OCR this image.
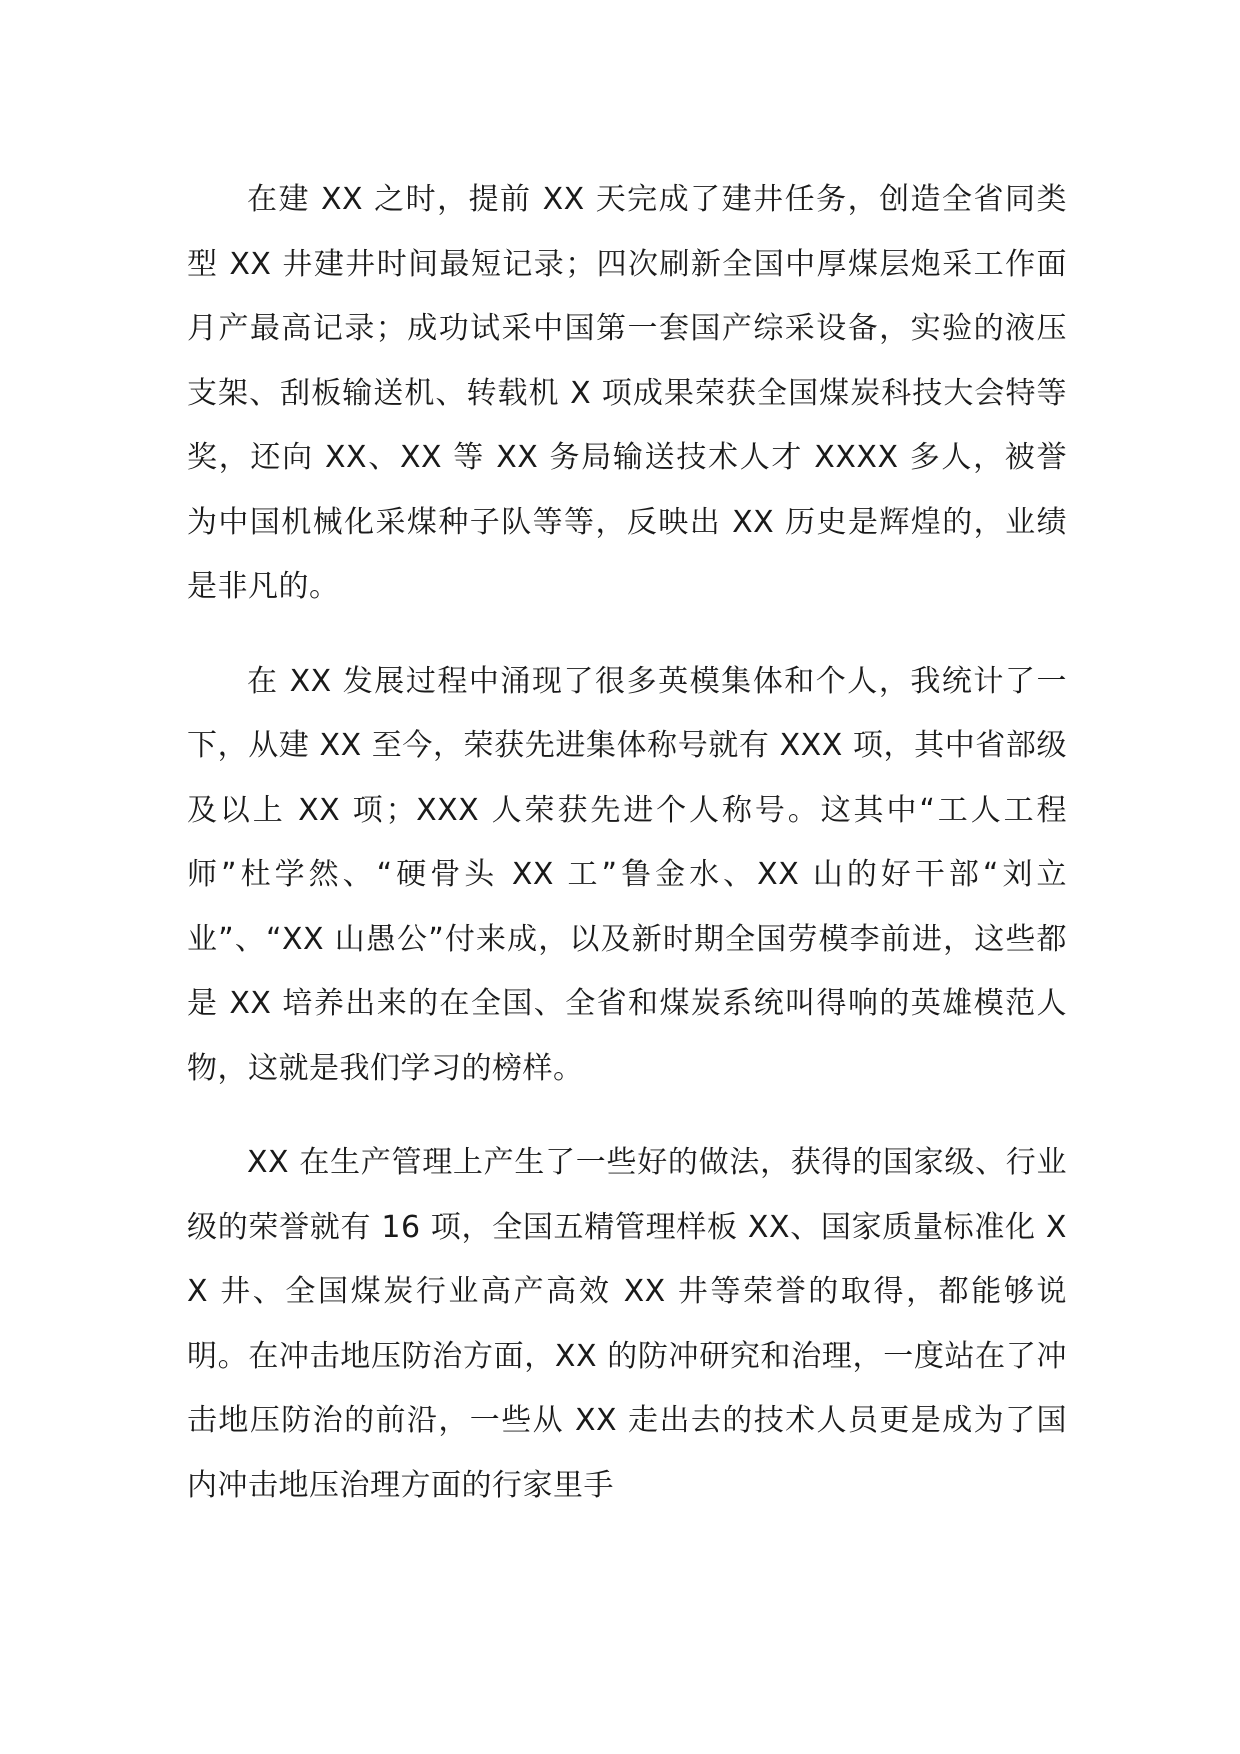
在建 XX 之时，提前 XX 天完成了建井任务，创造全省同类型 XX 井建井时间最短记录；四次刷新全国中厚煤层炮采工作面月产最高记录；成功试采中国第一套国产综采设备，实验的液压支架、刮板输送机、转载机 X 项成果荣获全国煤炭科技大会特等奖，还向 XX、XX 等 XX 务局输送技术人才 XXXX 多人，被誉为中国机械化采煤种子队等等，反映出 XX 历史是辉煌的，业绩是非凡的。

在 XX 发展过程中涌现了很多英模集体和个人，我统计了一下，从建 XX 至今，荣获先进集体称号就有 XXX 项，其中省部级及以上 XX 项；XXX 人荣获先进个人称号。这其中“工人工程师”杜学然、“硬骨头 XX 工”鲁金水、XX 山的好干部“刘立业”、“XX 山愚公”付来成，以及新时期全国劳模李前进，这些都是 XX 培养出来的在全国、全省和煤炭系统叫得响的英雄模范人物，这就是我们学习的榜样。

XX 在生产管理上产生了一些好的做法，获得的国家级、行业级的荣誉就有 16 项，全国五精管理样板 XX、国家质量标准化 XX 井、全国煤炭行业高产高效 XX 井等荣誉的取得，都能够说明。在冲击地压防治方面，XX 的防冲研究和治理，一度站在了冲击地压防治的前沿，一些从 XX 走出去的技术人员更是成为了国内冲击地压治理方面的行家里手
